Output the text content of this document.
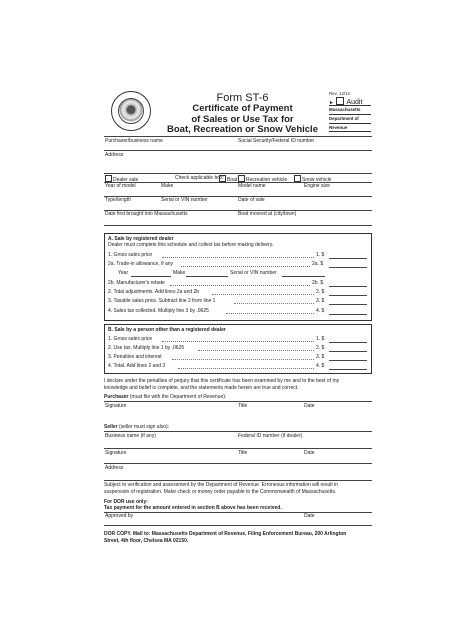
Rev. 12/12
► Audit
Massachusetts
Department of
Revenue
Form ST-6
Certificate of Payment
of Sales or Use Tax for
Boat, Recreation or Snow Vehicle
Purchaser/business name	Social Security/Federal ID number
Address
Dealer sale	Check applicable box: Boat	Recreation vehicle	Snow vehicle
Year of model	Make	Model name	Engine size
Type/length	Serial or VIN number	Date of sale
Date first brought into Massachusetts	Boat moored at (city/town)
A. Sale by registered dealer
Dealer must complete this schedule and collect tax before making delivery.
1. Gross sales price	1. $
2a. Trade-in allowance, if any	2a. $
Year	Make	Serial or VIN number
2b. Manufacturer's rebate	2b. $
2. Total adjustments. Add lines 2a and 2b	2. $
3. Taxable sales price. Subtract line 2 from line 1	3. $
4. Sales tax collected. Multiply line 3 by .0625	4. $
B. Sale by a person other than a registered dealer
1. Gross sales price	1. $
2. Use tax. Multiply line 1 by .0625	2. $
3. Penalties and interest	3. $
4. Total. Add lines 2 and 3	4. $
I declare under the penalties of perjury that this certificate has been examined by me and to the best of my
knowledge and belief is complete, and the statements made herein are true and correct.
Purchaser (must file with the Department of Revenue):
Signature	Title	Date
Seller (seller must sign also):
Business name (if any)	Federal ID number (if dealer)
Signature	Title	Date
Address
Subject to verification and assessment by the Department of Revenue. Erroneous information will result in
suspension of registration. Make check or money order payable to the Commonwealth of Massachusetts.
For DOR use only:
Tax payment for the amount entered in section B above has been received.
Approved by	Date
DOR COPY. Mail to: Massachusetts Department of Revenue, Filing Enforcement Bureau, 200 Arlington
Street, 4th floor, Chelsea MA 02150.
